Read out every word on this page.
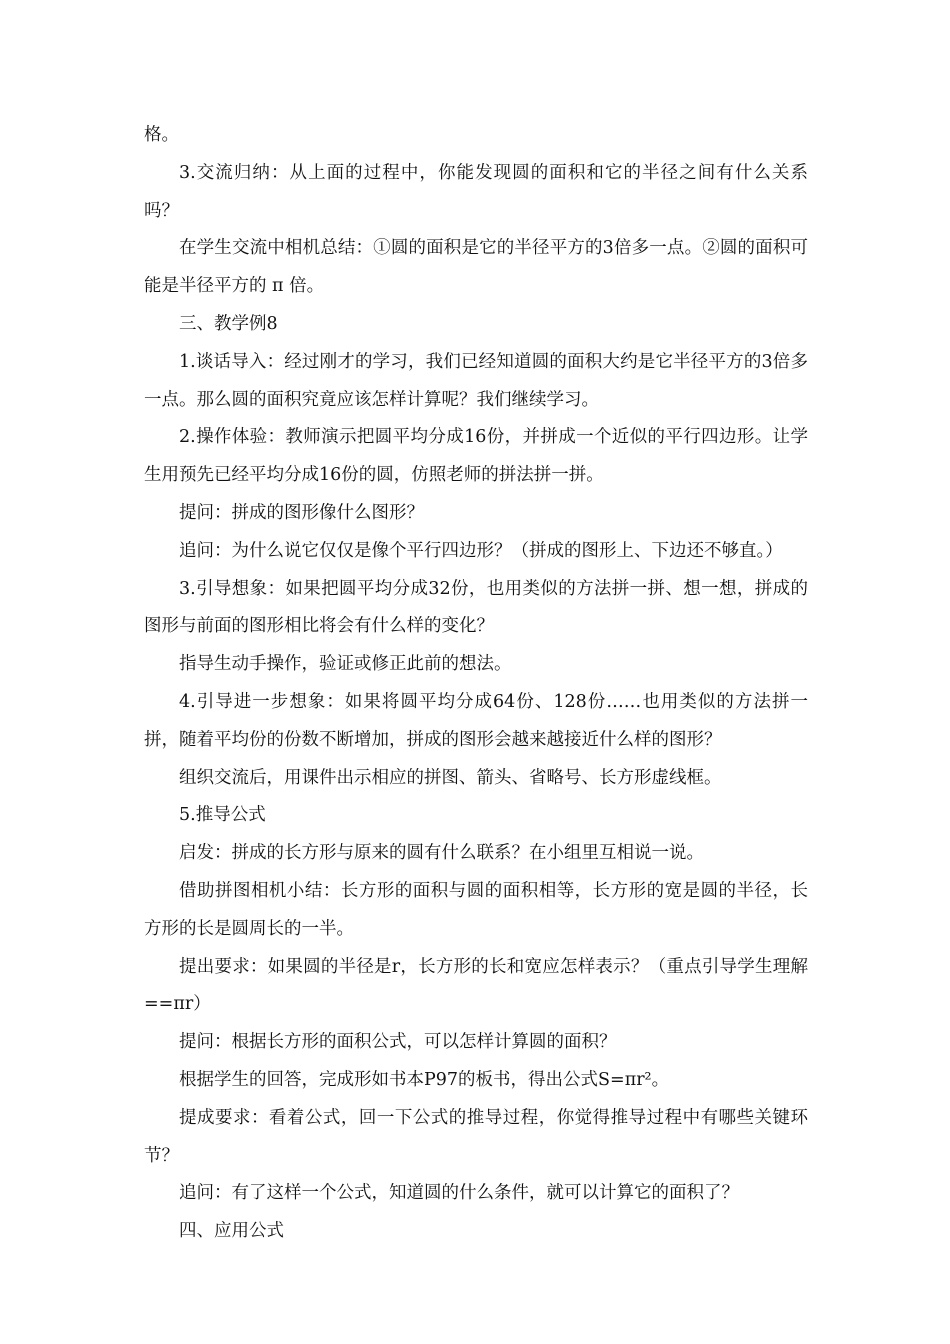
格。

3.交流归纳：从上面的过程中，你能发现圆的面积和它的半径之间有什么关系吗？

在学生交流中相机总结：①圆的面积是它的半径平方的3倍多一点。②圆的面积可能是半径平方的 π 倍。

三、教学例8

1.谈话导入：经过刚才的学习，我们已经知道圆的面积大约是它半径平方的3倍多一点。那么圆的面积究竟应该怎样计算呢？我们继续学习。

2.操作体验：教师演示把圆平均分成16份，并拼成一个近似的平行四边形。让学生用预先已经平均分成16份的圆，仿照老师的拼法拼一拼。

提问：拼成的图形像什么图形？

追问：为什么说它仅仅是像个平行四边形？（拼成的图形上、下边还不够直。）

3.引导想象：如果把圆平均分成32份，也用类似的方法拼一拼、想一想，拼成的图形与前面的图形相比将会有什么样的变化？

指导生动手操作，验证或修正此前的想法。

4.引导进一步想象：如果将圆平均分成64份、128份……也用类似的方法拼一拼，随着平均份的份数不断增加，拼成的图形会越来越接近什么样的图形？

组织交流后，用课件出示相应的拼图、箭头、省略号、长方形虚线框。

5.推导公式

启发：拼成的长方形与原来的圆有什么联系？在小组里互相说一说。

借助拼图相机小结：长方形的面积与圆的面积相等，长方形的宽是圆的半径，长方形的长是圆周长的一半。

提出要求：如果圆的半径是r，长方形的长和宽应怎样表示？（重点引导学生理解==πr）

提问：根据长方形的面积公式，可以怎样计算圆的面积？

根据学生的回答，完成形如书本P97的板书，得出公式S=πr²。

提成要求：看着公式，回一下公式的推导过程，你觉得推导过程中有哪些关键环节？

追问：有了这样一个公式，知道圆的什么条件，就可以计算它的面积了？

四、应用公式
